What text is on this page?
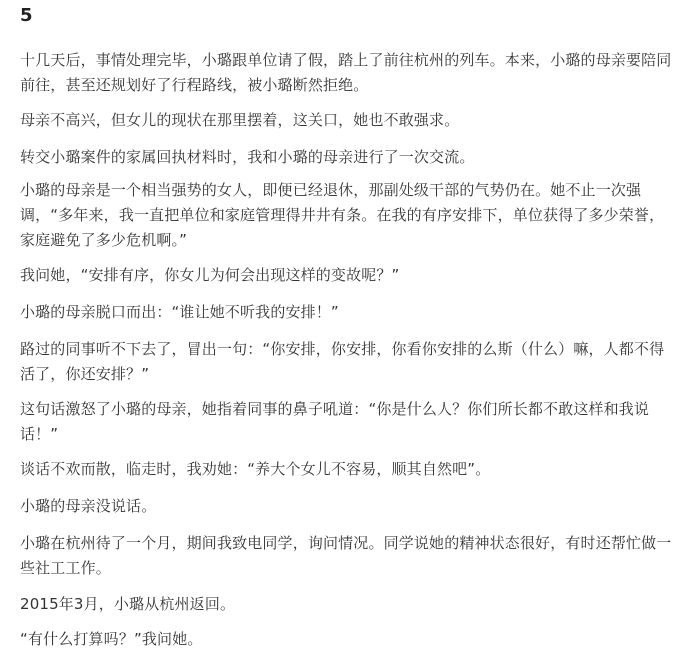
5

十几天后，事情处理完毕，小璐跟单位请了假，踏上了前往杭州的列车。本来，小璐的母亲要陪同前往，甚至还规划好了行程路线，被小璐断然拒绝。

母亲不高兴，但女儿的现状在那里摆着，这关口，她也不敢强求。

转交小璐案件的家属回执材料时，我和小璐的母亲进行了一次交流。

小璐的母亲是一个相当强势的女人，即便已经退休，那副处级干部的气势仍在。她不止一次强调，“多年来，我一直把单位和家庭管理得井井有条。在我的有序安排下，单位获得了多少荣誉，家庭避免了多少危机啊。”

我问她，“安排有序，你女儿为何会出现这样的变故呢？”

小璐的母亲脱口而出：“谁让她不听我的安排！”

路过的同事听不下去了，冒出一句：“你安排，你安排，你看你安排的么斯（什么）嘛，人都不得活了，你还安排？”

这句话激怒了小璐的母亲，她指着同事的鼻子吼道：“你是什么人？你们所长都不敢这样和我说话！”

谈话不欢而散，临走时，我劝她：“养大个女儿不容易，顺其自然吧”。

小璐的母亲没说话。

小璐在杭州待了一个月，期间我致电同学，询问情况。同学说她的精神状态很好，有时还帮忙做一些社工工作。

2015年3月，小璐从杭州返回。

“有什么打算吗？”我问她。
